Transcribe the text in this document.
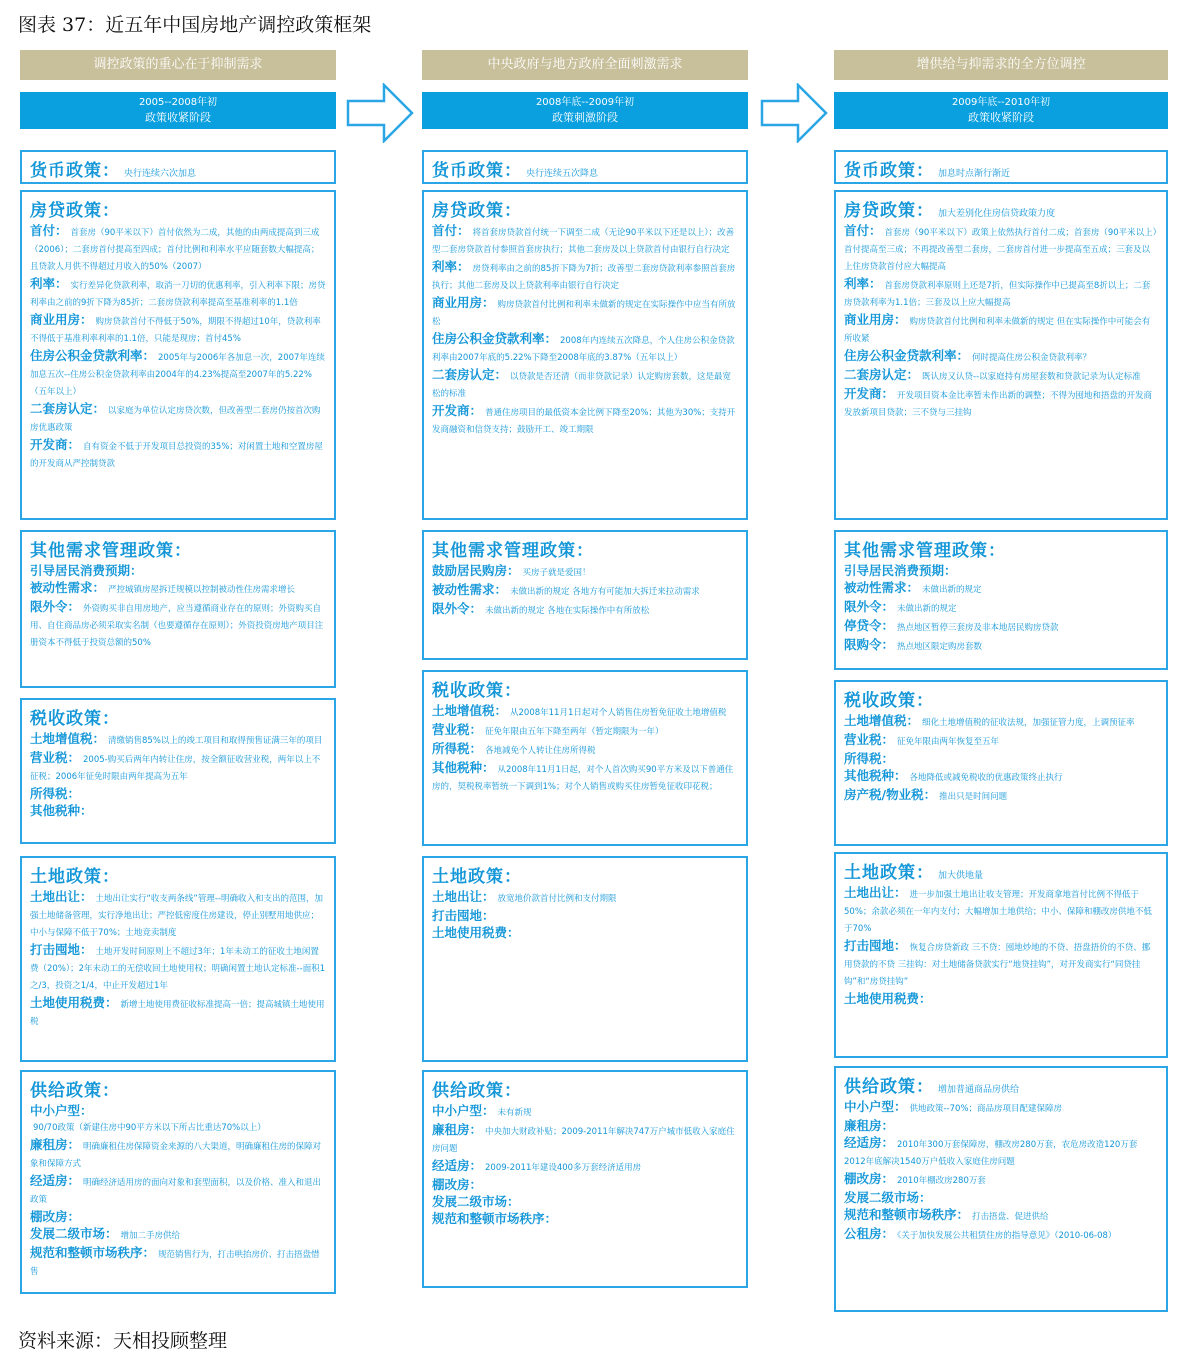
图表 37：近五年中国房地产调控政策框架
调控政策的重心在于抑制需求
2005--2008年初
政策收紧阶段
中央政府与地方政府全面刺激需求
2008年底--2009年初
政策刺激阶段
增供给与抑需求的全方位调控
2009年底--2010年初
政策收紧阶段
资料来源：天相投顾整理
货币政策： 央行连续六次加息
房贷政策：
首付： 首套房（90平米以下）首付依然为二成，其他的由两成提高到三成（2006）；二套房首付提高至四成；首付比例和利率水平应随套数大幅提高；且贷款人月供不得超过月收入的50%（2007）
利率： 实行差异化贷款利率，取消一刀切的优惠利率，引入利率下限；房贷利率由之前的9折下降为85折；二套房贷款利率提高至基准利率的1.1倍
商业用房： 购房贷款首付不得低于50%，期限不得超过10年，贷款利率不得低于基准利率利率的1.1倍，只能是现房；首付45%
住房公积金贷款利率： 2005年与2006年各加息一次，2007年连续加息五次--住房公积金贷款利率由2004年的4.23%提高至2007年的5.22%（五年以上）
二套房认定： 以家庭为单位认定房贷次数，但改善型二套房仍按首次购房优惠政策
开发商： 自有资金不低于开发项目总投资的35%；对闲置土地和空置房屋的开发商从严控制贷款
其他需求管理政策：
引导居民消费预期：
被动性需求： 严控城镇房屋拆迁规模以控制被动性住房需求增长
限外令： 外资购买非自用房地产，应当遵循商业存在的原则；外资购买自用、自住商品房必须采取实名制（也要遵循存在原则）；外资投资房地产项目注册资本不得低于投资总额的50%
税收政策：
土地增值税： 清缴销售85%以上的竣工项目和取得预售证满三年的项目
营业税： 2005-购买后两年内转让住房，按全额征收营业税，两年以上不征税；2006年征免时限由两年提高为五年
所得税：
其他税种：
土地政策：
土地出让： 土地出让实行“收支两条线”管理--明确收入和支出的范围，加强土地储备管理，实行净地出让；严控低密度住房建设，停止别墅用地供应；中小与保障不低于70%；土地竞卖制度
打击囤地： 土地开发时间原则上不超过3年；1年未动工的征收土地闲置费（20%）；2年未动工的无偿收回土地使用权；明确闲置土地认定标准--面积1之/3，投资之1/4，中止开发超过1年
土地使用税费： 新增土地使用费征收标准提高一倍；提高城镇土地使用税
供给政策：
中小户型：90/70政策（新建住房中90平方米以下所占比重达70%以上）
廉租房： 明确廉租住房保障资金来源的八大渠道，明确廉租住房的保障对象和保障方式
经适房： 明确经济适用房的面向对象和套型面积，以及价格、准入和退出政策
棚改房：
发展二级市场： 增加二手房供给
规范和整顿市场秩序： 规范销售行为，打击哄抬房价、打击捂盘惜售
货币政策： 央行连续五次降息
房贷政策：
首付： 将首套房贷款首付统一下调至二成（无论90平米以下还是以上）；改善型二套房贷款首付参照首套房执行；其他二套房及以上贷款首付由银行自行决定
利率： 房贷利率由之前的85折下降为7折；改善型二套房贷款利率参照首套房执行；其他二套房及以上贷款利率由银行自行决定
商业用房： 购房贷款首付比例和利率未做新的规定在实际操作中应当有所放松
住房公积金贷款利率： 2008年内连续五次降息，个人住房公积金贷款利率由2007年底的5.22%下降至2008年底的3.87%（五年以上）
二套房认定： 以贷款是否还清（而非贷款记录）认定购房套数，这是最宽松的标准
开发商： 普通住房项目的最低资本金比例下降至20%；其他为30%；支持开发商融资和信贷支持；鼓励开工、竣工期限
其他需求管理政策：
鼓励居民购房： 买房子就是爱国！
被动性需求： 未做出新的规定 各地方有可能加大拆迁来拉动需求
限外令： 未做出新的规定 各地在实际操作中有所放松
税收政策：
土地增值税： 从2008年11月1日起对个人销售住房暂免征收土地增值税
营业税： 征免年限由五年下降至两年（暂定期限为一年）
所得税： 各地减免个人转让住房所得税
其他税种： 从2008年11月1日起，对个人首次购买90平方米及以下普通住房的，契税税率暂统一下调到1%；对个人销售或购买住房暂免征收印花税；
土地政策：
土地出让： 放宽地价款首付比例和支付期限
打击囤地：
土地使用税费：
供给政策：
中小户型： 未有新规
廉租房： 中央加大财政补贴；2009-2011年解决747万户城市低收入家庭住房问题
经适房： 2009-2011年建设400多万套经济适用房
棚改房：
发展二级市场：
规范和整顿市场秩序：
货币政策： 加息时点渐行渐近
房贷政策： 加大差别化住房信贷政策力度
首付： 首套房（90平米以下）政策上依然执行首付二成；首套房（90平米以上）首付提高至三成；不再提改善型二套房，二套房首付进一步提高至五成；三套及以上住房贷款首付应大幅提高
利率： 首套房贷款利率原则上还是7折，但实际操作中已提高至8折以上；二套房贷款利率为1.1倍；三套及以上应大幅提高
商业用房： 购房贷款首付比例和利率未做新的规定 但在实际操作中可能会有所收紧
住房公积金贷款利率： 何时提高住房公积金贷款利率？
二套房认定： 既认房又认贷--以家庭持有房屋套数和贷款记录为认定标准
开发商： 开发项目资本金比率暂未作出新的调整；不得为囤地和捂盘的开发商发放新项目贷款；三不贷与三挂钩
其他需求管理政策：
引导居民消费预期：
被动性需求： 未做出新的规定
限外令： 未做出新的规定
停贷令： 热点地区暂停三套房及非本地居民购房贷款
限购令： 热点地区限定购房套数
税收政策：
土地增值税： 细化土地增值税的征收法规，加强征管力度，上调预征率
营业税： 征免年限由两年恢复至五年
所得税：
其他税种： 各地降低或减免税收的优惠政策终止执行
房产税/物业税： 推出只是时间问题
土地政策： 加大供地量
土地出让： 进一步加强土地出让收支管理；开发商拿地首付比例不得低于50%；余款必须在一年内支付；大幅增加土地供给；中小、保障和棚改房供地不低于70%
打击囤地： 恢复合房贷新政 三不贷：囤地炒地的不贷、捂盘捂价的不贷、挪用贷款的不贷 三挂钩：对土地储备贷款实行“地贷挂钩”，对开发商实行“同贷挂钩”和“房贷挂钩”
土地使用税费：
供给政策： 增加普通商品房供给
中小户型： 供地政策--70%；商品房项目配建保障房
廉租房：
经适房： 2010年300万套保障房，棚改房280万套，农危房改造120万套 2012年底解决1540万户低收入家庭住房问题
棚改房： 2010年棚改房280万套
发展二级市场：
规范和整顿市场秩序： 打击捂盘、促进供给
公租房： 《关于加快发展公共租赁住房的指导意见》（2010-06-08）
